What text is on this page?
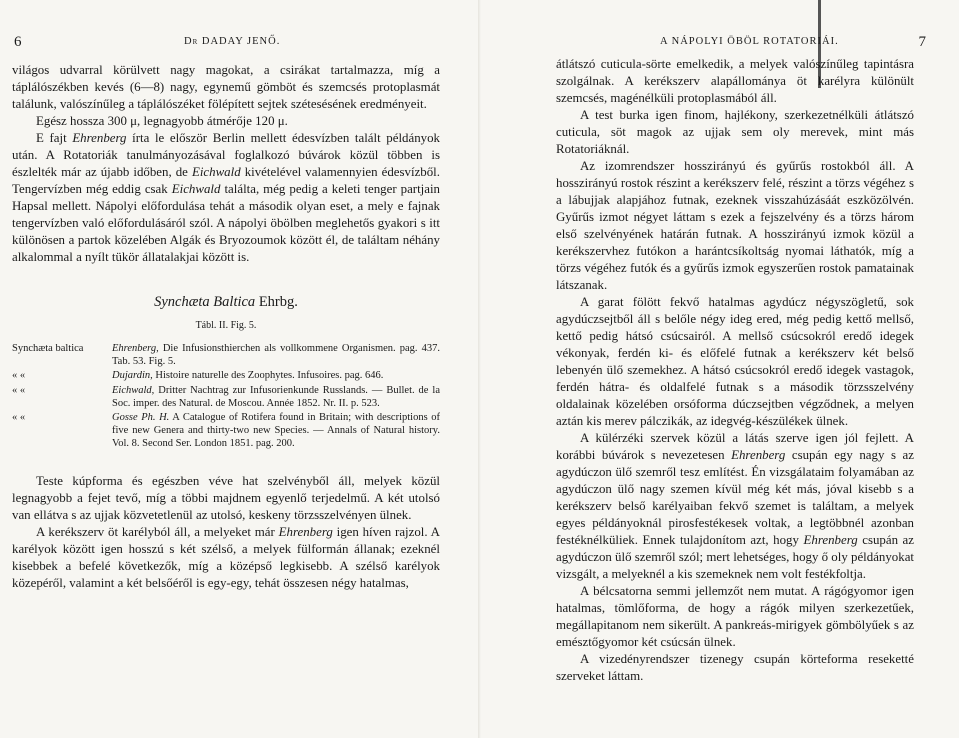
6	Dr DADAY JENŐ.

világos udvarral körülvett nagy magokat, a csirákat tartalmazza, míg a táplálószékben kevés (6—8) nagy, egynemű gömböt és szemcsés protoplasmát találunk, valószínűleg a táplálószéket fölépített sejtek szétesésének eredményeit.

Egész hossza 300 μ, legnagyobb átmérője 120 μ.

E fajt Ehrenberg írta le először Berlin mellett édesvízben talált példányok után. A Rotatoriák tanulmányozásával foglalkozó búvárok közül többen is észlelték már az újabb időben, de Eichwald kivételével valamennyien édesvízből. Tengervízben még eddig csak Eichwald találta, még pedig a keleti tenger partjain Hapsal mellett. Nápolyi előfordulása tehát a második olyan eset, a mely e fajnak tengervízben való előfordulásáról szól. A nápolyi öbölben meglehetős gyakori s itt különösen a partok közelében Algák és Bryozoumok között él, de találtam néhány alkalommal a nyílt tükör állatalakjai között is.

Synchæta Baltica Ehrbg.
Tábl. II. Fig. 5.
Synchæta baltica	Ehrenberg, Die Infusionsthierchen als vollkommene Organismen. pag. 437. Tab. 53. Fig. 5.
« «	Dujardin, Histoire naturelle des Zoophytes. Infusoires. pag. 646.
« «	Eichwald, Dritter Nachtrag zur Infusorienkunde Russlands. — Bullet. de la Soc. imper. des Natural. de Moscou. Année 1852. Nr. II. p. 523.
« «	Gosse Ph. H. A Catalogue of Rotifera found in Britain; with descriptions of five new Genera and thirty-two new Species. — Annals of Natural history. Vol. 8. Second Ser. London 1851. pag. 200.

Teste kúpforma és egészben véve hat szelvényből áll, melyek közül legnagyobb a fejet tevő, míg a többi majdnem egyenlő terjedelmű. A két utolsó van ellátva s az ujjak közvetetlenül az utolsó, keskeny törzsszelvényen ülnek.

A kerékszerv öt karélyból áll, a melyeket már Ehrenberg igen híven rajzol. A karélyok között igen hosszú s két szélső, a melyek fülformán állanak; ezeknél kisebbek a befelé következők, míg a középső legkisebb. A szélső karélyok közepéről, valamint a két belsőéről is egy-egy, tehát összesen négy hatalmas,

átlátszó cuticula-sörte emelkedik, a melyek valószínűleg tapintásra szolgálnak. A kerékszerv alapállománya öt karélyra különült szemcsés, magénélküli protoplasmából áll.

A test burka igen finom, hajlékony, szerkezetnélküli átlátszó cuticula, söt magok az ujjak sem oly merevek, mint más Rotatoriáknál.

Az izomrendszer hosszirányú és gyűrűs rostokból áll. A hosszirányú rostok részint a kerékszerv felé, részint a törzs végéhez s a lábujjak alapjához futnak, ezeknek visszahúzásáát eszközölvén. Gyűrűs izmot négyet láttam s ezek a fejszelvény és a törzs három első szelvényének határán futnak. A hosszirányú izmok közül a kerékszervhez futókon a harántcsíkoltság nyomai láthatók, míg a törzs végéhez futók és a gyűrűs izmok egyszerűen rostok pamatainak látszanak.

A garat fölött fekvő hatalmas agydúcz négyszögletű, sok agydúczsejtből áll s belőle négy ideg ered, még pedig kettő mellső, kettő pedig hátsó csúcsairól. A mellső csúcsokról eredő idegek vékonyak, ferdén ki- és előfelé futnak a kerékszerv két belső lebenyén ülő szemekhez. A hátsó csúcsokról eredő idegek vastagok, ferdén hátra- és oldalfelé futnak s a második törzsszelvény oldalainak közelében orsóforma dúczsejtben végződnek, a melyen aztán kis merev pálczikák, az idegvég-készülékek ülnek.

A külérzéki szervek közül a látás szerve igen jól fejlett. A korábbi búvárok s nevezetesen Ehrenberg csupán egy nagy s az agydúczon ülő szemről tesz említést. Én vizsgálataim folyamában az agydúczon ülő nagy szemen kívül még két más, jóval kisebb s a kerékszerv belső karélyaiban fekvő szemet is találtam, a melyek egyes példányoknál pirosfestékesek voltak, a legtöbbnél azonban festéknélküliek. Ennek tulajdonítom azt, hogy Ehrenberg csupán az agydúczon ülő szemről szól; mert lehetséges, hogy ő oly példányokat vizsgált, a melyeknél a kis szemeknek nem volt festékfoltja.

A bélcsatorna semmi jellemzőt nem mutat. A rágógyomor igen hatalmas, tömlőforma, de hogy a rágók milyen szerkezetűek, megállapitanom nem sikerült. A pankreás-mirigyek gömbölyűek s az emésztőgyomor két csúcsán ülnek.

A vizedényrendszer tizenegy csupán körteforma reseketté szerveket láttam.

A NÁPOLYI ÖBÖL ROTATORIÁI.	7
